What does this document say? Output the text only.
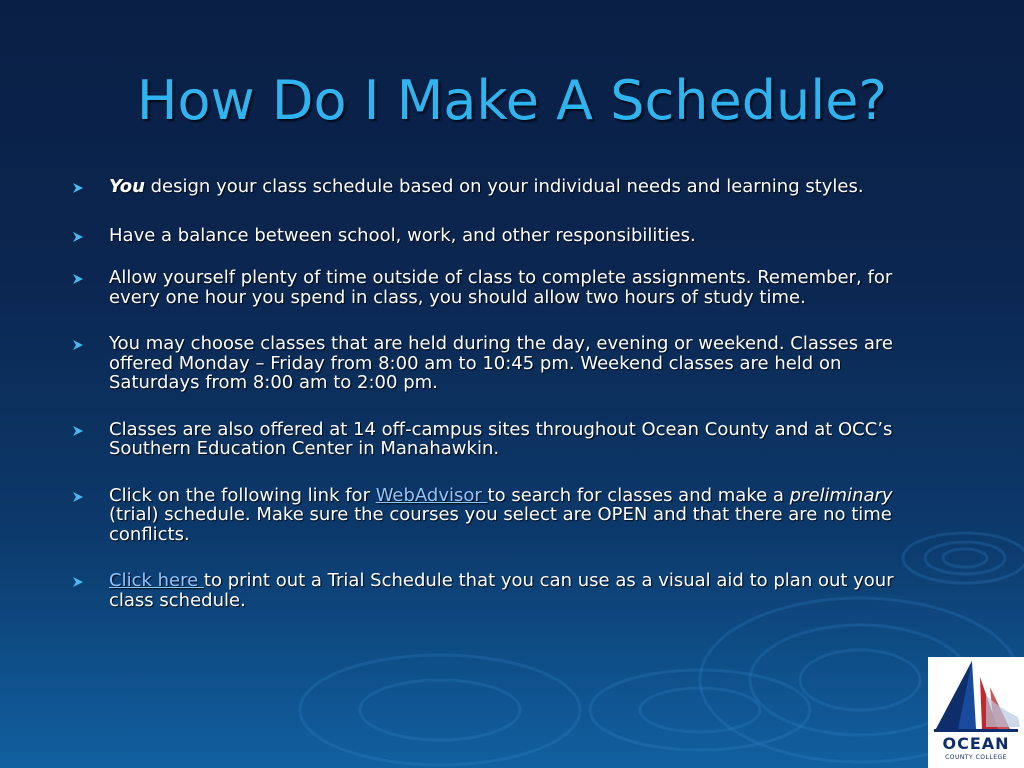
How Do I Make A Schedule?
You design your class schedule based on your individual needs and learning styles.
Have a balance between school, work, and other responsibilities.
Allow yourself plenty of time outside of class to complete assignments. Remember, for every one hour you spend in class, you should allow two hours of study time.
You may choose classes that are held during the day, evening or weekend. Classes are offered Monday – Friday from 8:00 am to 10:45 pm. Weekend classes are held on Saturdays from 8:00 am to 2:00 pm.
Classes are also offered at 14 off-campus sites throughout Ocean County and at OCC’s Southern Education Center in Manahawkin.
Click on the following link for WebAdvisor to search for classes and make a preliminary (trial) schedule. Make sure the courses you select are OPEN and that there are no time conflicts.
Click here to print out a Trial Schedule that you can use as a visual aid to plan out your class schedule.
OCEAN
COUNTY COLLEGE
